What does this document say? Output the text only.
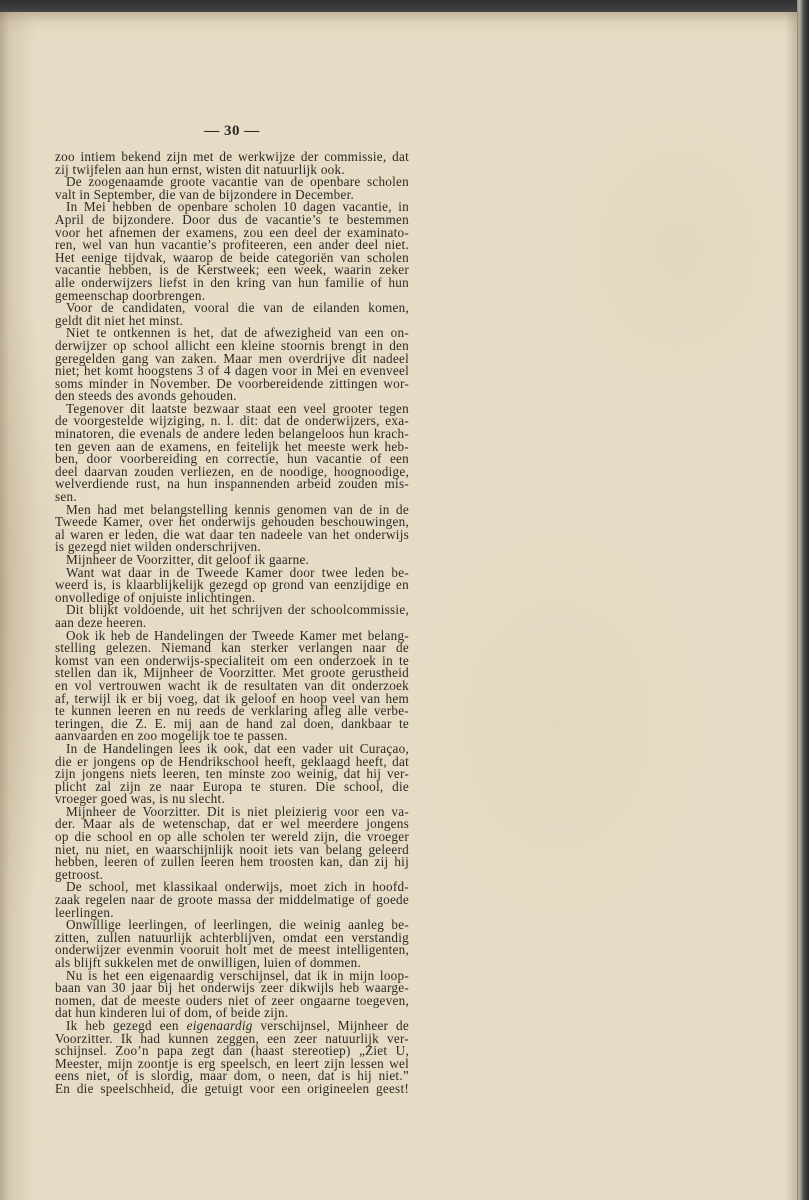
— 30 —
zoo intiem bekend zijn met de werkwijze der commissie, dat
zij twijfelen aan hun ernst, wisten dit natuurlijk ook.
De zoogenaamde groote vacantie van de openbare scholen
valt in September, die van de bijzondere in December.
In Mei hebben de openbare scholen 10 dagen vacantie, in
April de bijzondere. Door dus de vacantie’s te bestemmen
voor het afnemen der examens, zou een deel der examinato-
ren, wel van hun vacantie’s profiteeren, een ander deel niet.
Het eenige tijdvak, waarop de beide categoriën van scholen
vacantie hebben, is de Kerstweek; een week, waarin zeker
alle onderwijzers liefst in den kring van hun familie of hun
gemeenschap doorbrengen.
Voor de candidaten, vooral die van de eilanden komen,
geldt dit niet het minst.
Niet te ontkennen is het, dat de afwezigheid van een on-
derwijzer op school allicht een kleine stoornis brengt in den
geregelden gang van zaken. Maar men overdrijve dit nadeel
niet; het komt hoogstens 3 of 4 dagen voor in Mei en evenveel
soms minder in November. De voorbereidende zittingen wor-
den steeds des avonds gehouden.
Tegenover dit laatste bezwaar staat een veel grooter tegen
de voorgestelde wijziging, n. l. dit: dat de onderwijzers, exa-
minatoren, die evenals de andere leden belangeloos hun krach-
ten geven aan de examens, en feitelijk het meeste werk heb-
ben, door voorbereiding en correctie, hun vacantie of een
deel daarvan zouden verliezen, en de noodige, hoognoodige,
welverdiende rust, na hun inspannenden arbeid zouden mis-
sen.
Men had met belangstelling kennis genomen van de in de
Tweede Kamer, over het onderwijs gehouden beschouwingen,
al waren er leden, die wat daar ten nadeele van het onderwijs
is gezegd niet wilden onderschrijven.
Mijnheer de Voorzitter, dit geloof ik gaarne.
Want wat daar in de Tweede Kamer door twee leden be-
weerd is, is klaarblijkelijk gezegd op grond van eenzijdige en
onvolledige of onjuiste inlichtingen.
Dit blijkt voldoende, uit het schrijven der schoolcommissie,
aan deze heeren.
Ook ik heb de Handelingen der Tweede Kamer met belang-
stelling gelezen. Niemand kan sterker verlangen naar de
komst van een onderwijs-specialiteit om een onderzoek in te
stellen dan ik, Mijnheer de Voorzitter. Met groote gerustheid
en vol vertrouwen wacht ik de resultaten van dit onderzoek
af, terwijl ik er bij voeg, dat ik geloof en hoop veel van hem
te kunnen leeren en nu reeds de verklaring afleg alle verbe-
teringen, die Z. E. mij aan de hand zal doen, dankbaar te
aanvaarden en zoo mogelijk toe te passen.
In de Handelingen lees ik ook, dat een vader uit Curaçao,
die er jongens op de Hendrikschool heeft, geklaagd heeft, dat
zijn jongens niets leeren, ten minste zoo weinig, dat hij ver-
plicht zal zijn ze naar Europa te sturen. Die school, die
vroeger goed was, is nu slecht.
Mijnheer de Voorzitter. Dit is niet pleizierig voor een va-
der. Maar als de wetenschap, dat er wel meerdere jongens
op die school en op alle scholen ter wereld zijn, die vroeger
niet, nu niet, en waarschijnlijk nooit iets van belang geleerd
hebben, leeren of zullen leeren hem troosten kan, dan zij hij
getroost.
De school, met klassikaal onderwijs, moet zich in hoofd-
zaak regelen naar de groote massa der middelmatige of goede
leerlingen.
Onwillige leerlingen, of leerlingen, die weinig aanleg be-
zitten, zullen natuurlijk achterblijven, omdat een verstandig
onderwijzer evenmin vooruit holt met de meest intelligenten,
als blijft sukkelen met de onwilligen, luien of dommen.
Nu is het een eigenaardig verschijnsel, dat ik in mijn loop-
baan van 30 jaar bij het onderwijs zeer dikwijls heb waarge-
nomen, dat de meeste ouders niet of zeer ongaarne toegeven,
dat hun kinderen lui of dom, of beide zijn.
Ik heb gezegd een eigenaardig verschijnsel, Mijnheer de
Voorzitter. Ik had kunnen zeggen, een zeer natuurlijk ver-
schijnsel. Zoo’n papa zegt dan (haast stereotiep) „Ziet U,
Meester, mijn zoontje is erg speelsch, en leert zijn lessen wel
eens niet, of is slordig, maar dom, o neen, dat is hij niet.”
En die speelschheid, die getuigt voor een origineelen geest!
